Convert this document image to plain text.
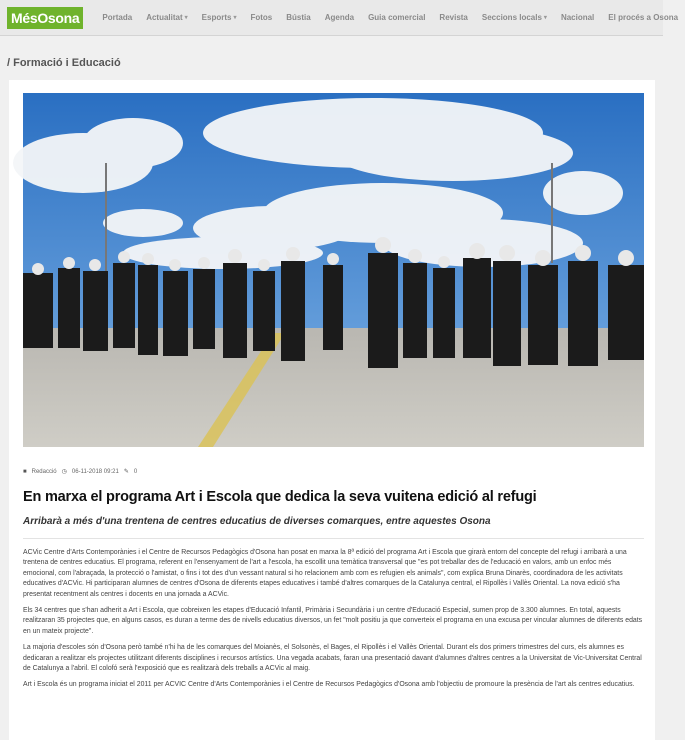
MésOsona	Portada Actualitat ▾ Esports ▾ Fotos Bústia Agenda Guia comercial Revista Seccions locals ▾ Nacional El procés a Osona
/ Formació i Educació
■ Redacció ◷ 06-11-2018 09:21 ✎ 0
En marxa el programa Art i Escola que dedica la seva vuitena edició al refugi
Arribarà a més d'una trentena de centres educatius de diverses comarques, entre aquestes Osona

ACVic Centre d'Arts Contemporànies i el Centre de Recursos Pedagògics d'Osona han posat en marxa la 8ª edició del programa Art i Escola que girarà entorn del concepte del refugi i arribarà a una trentena de centres educatius. El programa, referent en l'ensenyament de l'art a l'escola, ha escollit una temàtica transversal que "es pot treballar des de l'educació en valors, amb un enfoc més emocional, com l'abraçada, la protecció o l'amistat, o fins i tot des d'un vessant natural si ho relacionem amb com es refugien els animals", com explica Bruna Dinarès, coordinadora de les activitats educatives d'ACVic. Hi participaran alumnes de centres d'Osona de diferents etapes educatives i també d'altres comarques de la Catalunya central, el Ripollès i Vallès Oriental. La nova edició s'ha presentat recentment als centres i docents en una jornada a ACVic.

Els 34 centres que s'han adherit a Art i Escola, que cobreixen les etapes d'Educació Infantil, Primària i Secundària i un centre d'Educació Especial, sumen prop de 3.300 alumnes. En total, aquests realitzaran 35 projectes que, en alguns casos, es duran a terme des de nivells educatius diversos, un fet "molt positiu ja que converteix el programa en una excusa per vincular alumnes de diferents edats en un mateix projecte".

La majoria d'escoles són d'Osona però també n'hi ha de les comarques del Moianès, el Solsonès, el Bages, el Ripollès i el Vallès Oriental. Durant els dos primers trimestres del curs, els alumnes es dedicaran a realitzar els projectes utilitzant diferents disciplines i recursos artístics. Una vegada acabats, faran una presentació davant d'alumnes d'altres centres a la Universitat de Vic-Universitat Central de Catalunya a l'abril. El colofó serà l'exposició que es realitzarà dels treballs a ACVic al maig.

Art i Escola és un programa iniciat el 2011 per ACVIC Centre d'Arts Contemporànies i el Centre de Recursos Pedagògics d'Osona amb l'objectiu de promoure la presència de l'art als centres educatius.
